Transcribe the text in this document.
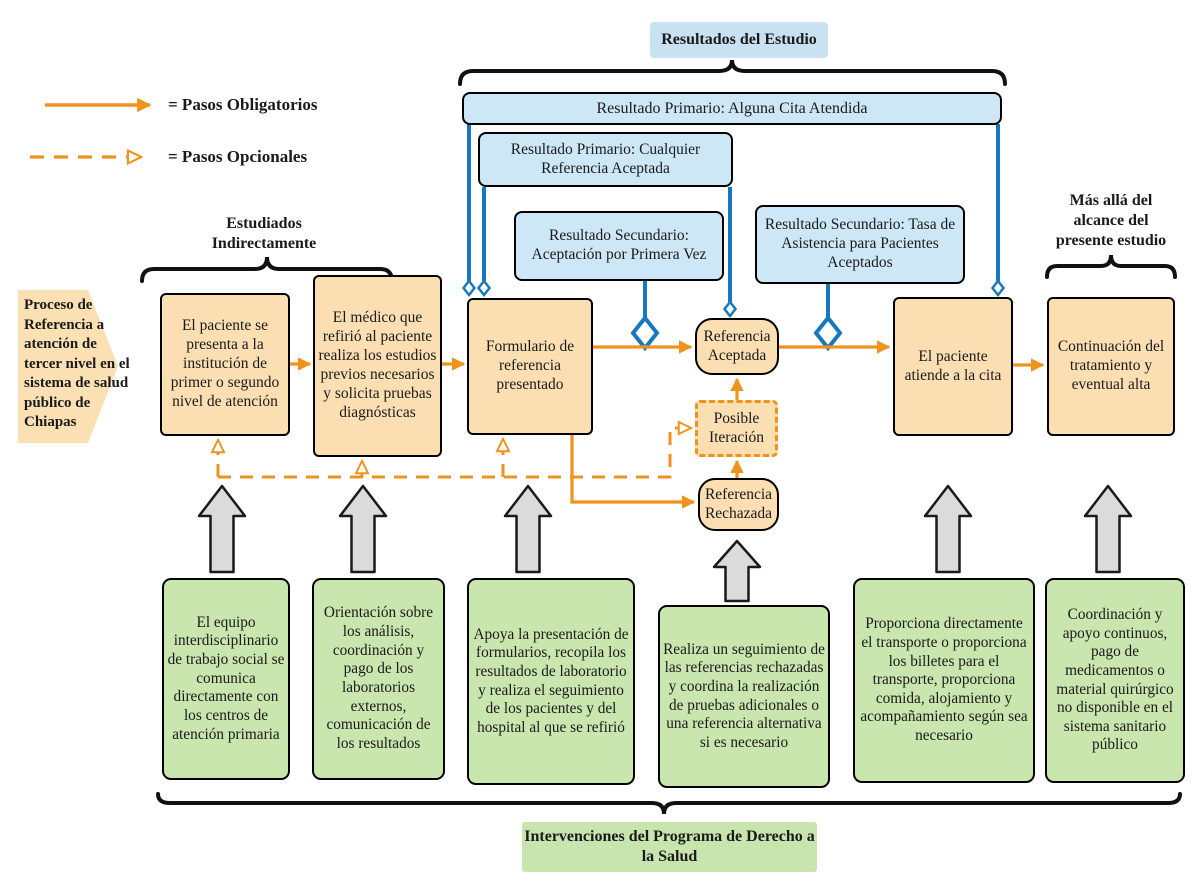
= Pasos Obligatorios
= Pasos Opcionales
Resultados del Estudio
Estudiados Indirectamente
Más allá del alcance del presente estudio
Resultado Primario: Alguna Cita Atendida
Resultado Primario: Cualquier Referencia Aceptada
Resultado Secundario: Aceptación por Primera Vez
Resultado Secundario: Tasa de Asistencia para Pacientes Aceptados
Proceso de Referencia a atención de tercer nivel en el sistema de salud público de Chiapas
El paciente se presenta a la institución de primer o segundo nivel de atención
El médico que refirió al paciente realiza los estudios previos necesarios y solicita pruebas diagnósticas
Formulario de referencia presentado
Referencia Aceptada
Posible Iteración
Referencia Rechazada
El paciente atiende a la cita
Continuación del tratamiento y eventual alta
El equipo interdisciplinario de trabajo social se comunica directamente con los centros de atención primaria
Orientación sobre los análisis, coordinación y pago de los laboratorios externos, comunicación de los resultados
Apoya la presentación de formularios, recopila los resultados de laboratorio y realiza el seguimiento de los pacientes y del hospital al que se refirió
Realiza un seguimiento de las referencias rechazadas y coordina la realización de pruebas adicionales o una referencia alternativa si es necesario
Proporciona directamente el transporte o proporciona los billetes para el transporte, proporciona comida, alojamiento y acompañamiento según sea necesario
Coordinación y apoyo continuos, pago de medicamentos o material quirúrgico no disponible en el sistema sanitario público
Intervenciones del Programa de Derecho a la Salud
